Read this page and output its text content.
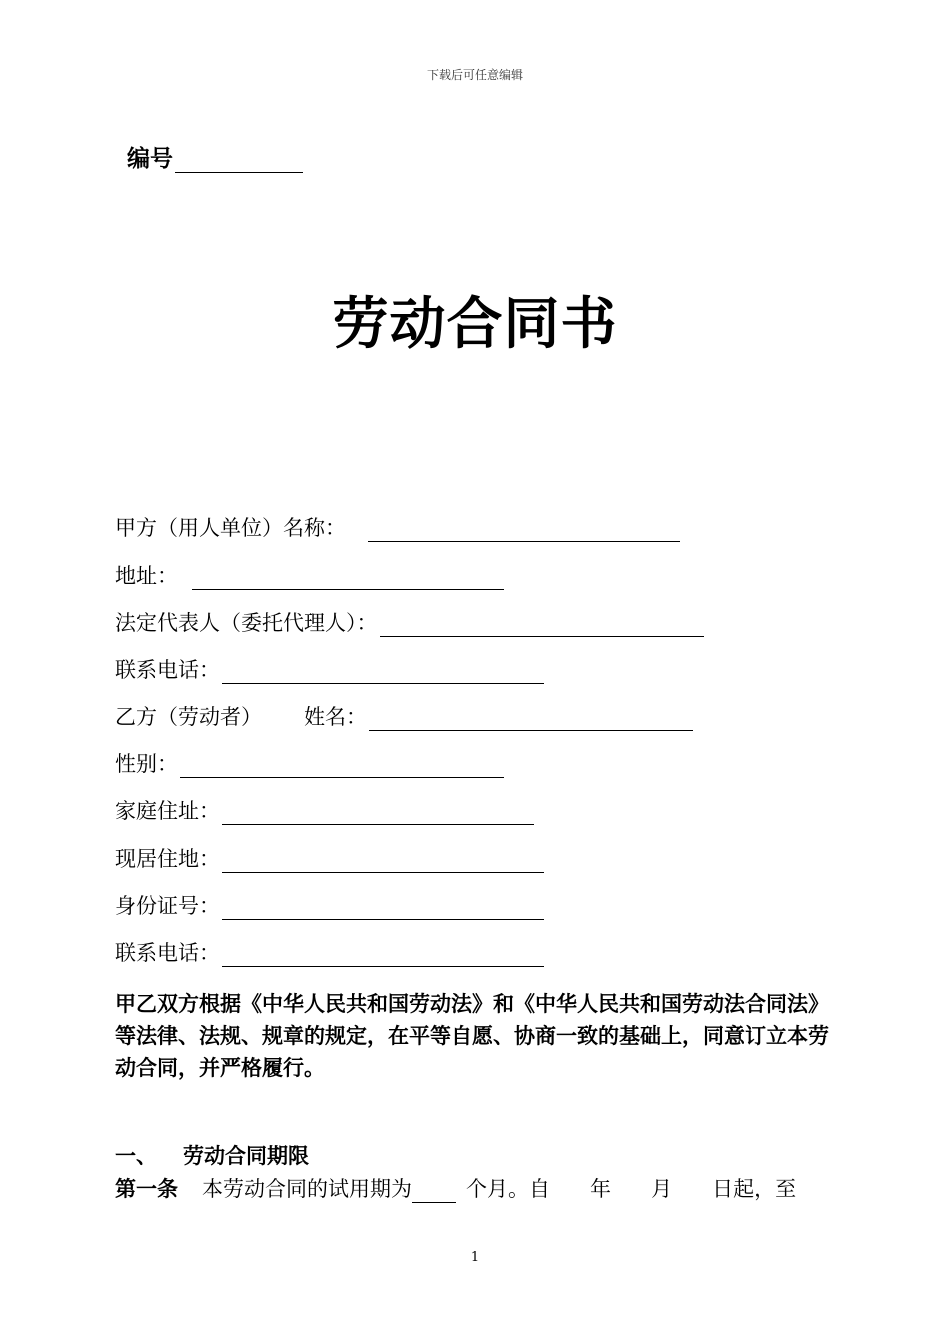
下载后可任意编辑
编号
劳动合同书
甲方（用人单位）名称：
地址：
法定代表人（委托代理人）：
联系电话：
乙方（劳动者） 姓名：
性别：
家庭住址：
现居住地：
身份证号：
联系电话：
甲乙双方根据《中华人民共和国劳动法》和《中华人民共和国劳动法合同法》等法律、法规、规章的规定，在平等自愿、协商一致的基础上，同意订立本劳动合同，并严格履行。
一、 劳动合同期限
第一条 本劳动合同的试用期为	个月。自      年      月      日起，至
1
